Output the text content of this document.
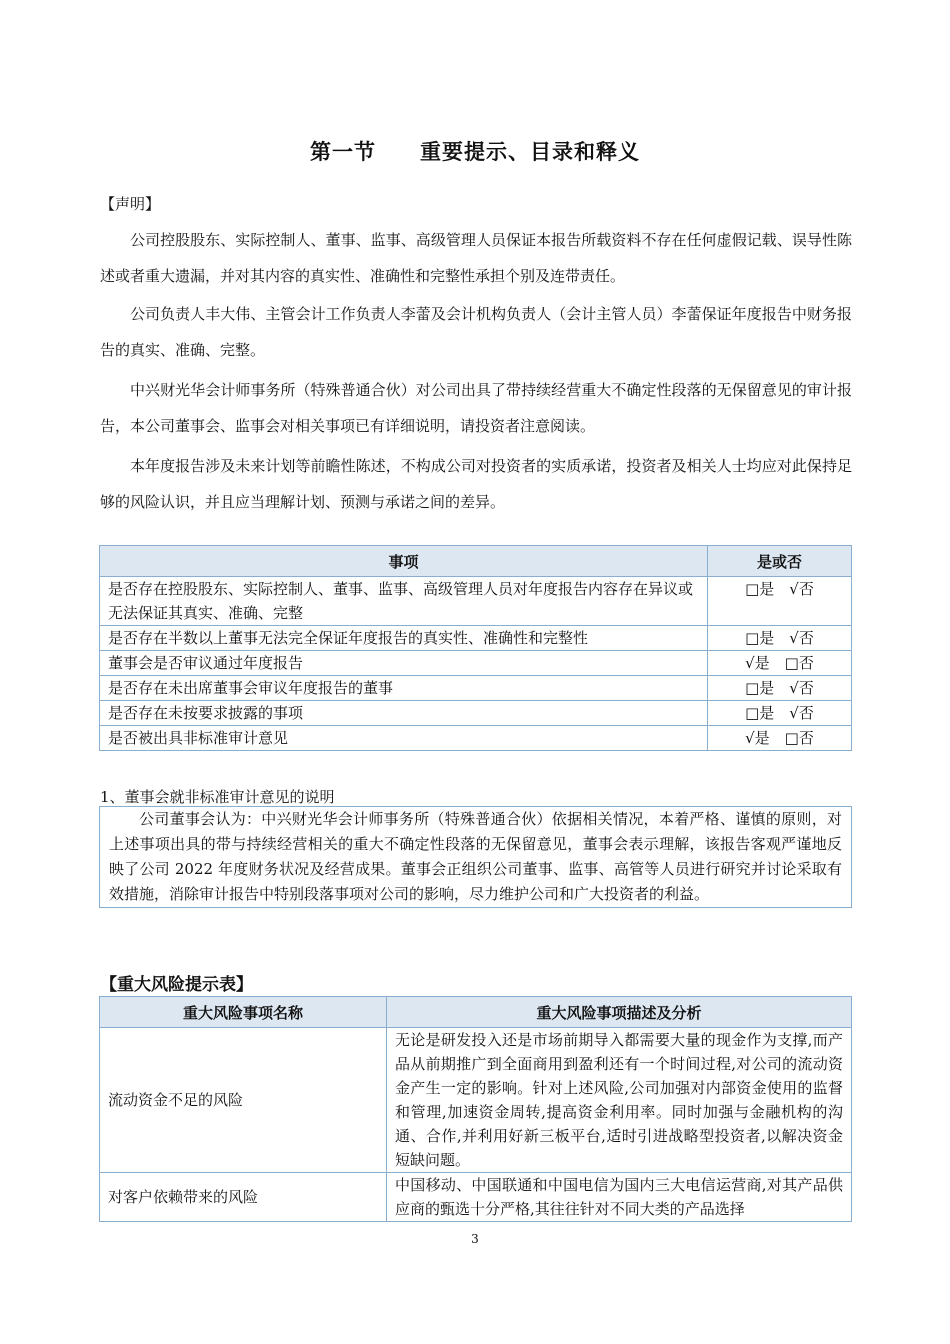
第一节　　重要提示、目录和释义
【声明】
公司控股股东、实际控制人、董事、监事、高级管理人员保证本报告所载资料不存在任何虚假记载、误导性陈述或者重大遗漏，并对其内容的真实性、准确性和完整性承担个别及连带责任。
公司负责人丰大伟、主管会计工作负责人李蕾及会计机构负责人（会计主管人员）李蕾保证年度报告中财务报告的真实、准确、完整。
中兴财光华会计师事务所（特殊普通合伙）对公司出具了带持续经营重大不确定性段落的无保留意见的审计报告，本公司董事会、监事会对相关事项已有详细说明，请投资者注意阅读。
本年度报告涉及未来计划等前瞻性陈述，不构成公司对投资者的实质承诺，投资者及相关人士均应对此保持足够的风险认识，并且应当理解计划、预测与承诺之间的差异。
事项	是或否
是否存在控股股东、实际控制人、董事、监事、高级管理人员对年度报告内容存在异议或无法保证其真实、准确、完整	□是　√否
是否存在半数以上董事无法完全保证年度报告的真实性、准确性和完整性	□是　√否
董事会是否审议通过年度报告	√是　□否
是否存在未出席董事会审议年度报告的董事	□是　√否
是否存在未按要求披露的事项	□是　√否
是否被出具非标准审计意见	√是　□否
1、董事会就非标准审计意见的说明
公司董事会认为：中兴财光华会计师事务所（特殊普通合伙）依据相关情况，本着严格、谨慎的原则，对上述事项出具的带与持续经营相关的重大不确定性段落的无保留意见，董事会表示理解，该报告客观严谨地反映了公司 2022 年度财务状况及经营成果。董事会正组织公司董事、监事、高管等人员进行研究并讨论采取有效措施，消除审计报告中特别段落事项对公司的影响，尽力维护公司和广大投资者的利益。
【重大风险提示表】
重大风险事项名称	重大风险事项描述及分析
流动资金不足的风险	无论是研发投入还是市场前期导入都需要大量的现金作为支撑,而产品从前期推广到全面商用到盈利还有一个时间过程,对公司的流动资金产生一定的影响。针对上述风险,公司加强对内部资金使用的监督和管理,加速资金周转,提高资金利用率。同时加强与金融机构的沟通、合作,并利用好新三板平台,适时引进战略型投资者,以解决资金短缺问题。
对客户依赖带来的风险	中国移动、中国联通和中国电信为国内三大电信运营商,对其产品供应商的甄选十分严格,其往往针对不同大类的产品选择
3
